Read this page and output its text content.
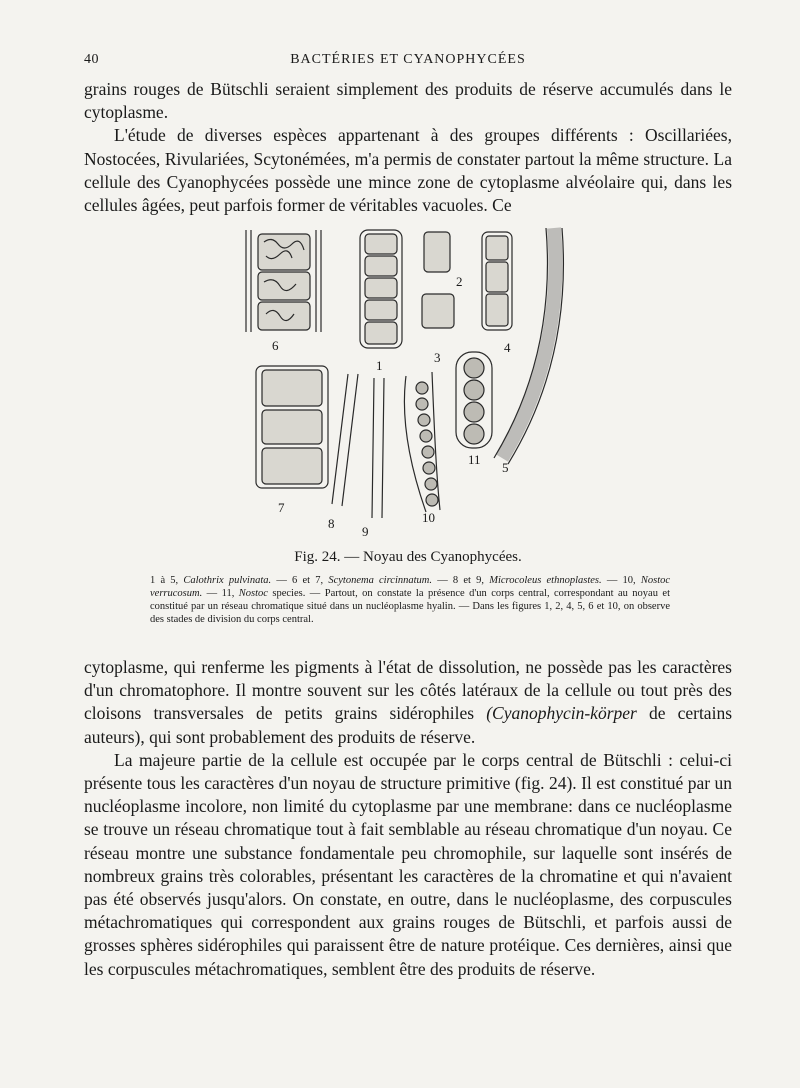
40	BACTÉRIES ET CYANOPHYCÉES

grains rouges de Bütschli seraient simplement des produits de réserve accumulés dans le cytoplasme.

L'étude de diverses espèces appartenant à des groupes différents : Oscillariées, Nostocées, Rivulariées, Scytonémées, m'a permis de constater partout la même structure. La cellule des Cyanophycées possède une mince zone de cytoplasme alvéolaire qui, dans les cellules âgées, peut parfois former de véritables vacuoles. Ce

6
1
2
3
4
5
7
8
9
10
11
Fig. 24. — Noyau des Cyanophycées.

1 à 5, Calothrix pulvinata. — 6 et 7, Scytonema circinnatum. — 8 et 9, Microcoleus ethnoplastes. — 10, Nostoc verrucosum. — 11, Nostoc species. — Partout, on constate la présence d'un corps central, correspondant au noyau et constitué par un réseau chromatique situé dans un nucléoplasme hyalin. — Dans les figures 1, 2, 4, 5, 6 et 10, on observe des stades de division du corps central.

cytoplasme, qui renferme les pigments à l'état de dissolution, ne possède pas les caractères d'un chromatophore. Il montre souvent sur les côtés latéraux de la cellule ou tout près des cloisons transversales de petits grains sidérophiles (Cyanophycin-körper de certains auteurs), qui sont probablement des produits de réserve.

La majeure partie de la cellule est occupée par le corps central de Bütschli : celui-ci présente tous les caractères d'un noyau de structure primitive (fig. 24). Il est constitué par un nucléoplasme incolore, non limité du cytoplasme par une membrane: dans ce nucléoplasme se trouve un réseau chromatique tout à fait semblable au réseau chromatique d'un noyau. Ce réseau montre une substance fondamentale peu chromophile, sur laquelle sont insérés de nombreux grains très colorables, présentant les caractères de la chromatine et qui n'avaient pas été observés jusqu'alors. On constate, en outre, dans le nucléoplasme, des corpuscules métachromatiques qui correspondent aux grains rouges de Bütschli, et parfois aussi de grosses sphères sidérophiles qui paraissent être de nature protéique. Ces dernières, ainsi que les corpuscules métachromatiques, semblent être des produits de réserve.
